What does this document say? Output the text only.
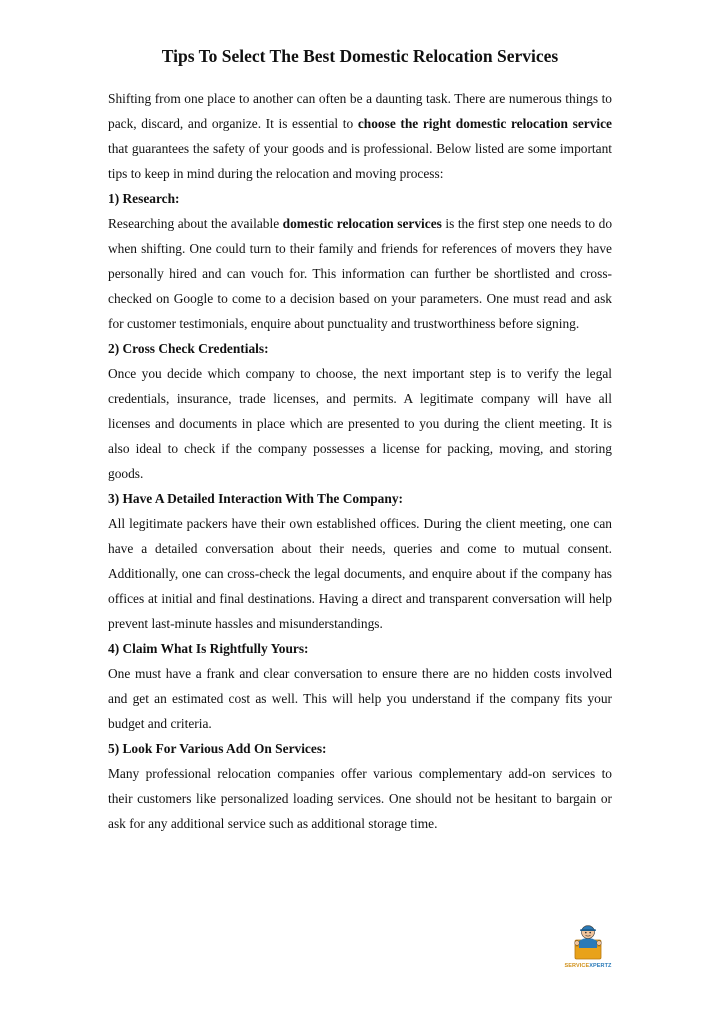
Tips To Select The Best Domestic Relocation Services

Shifting from one place to another can often be a daunting task. There are numerous things to pack, discard, and organize. It is essential to choose the right domestic relocation service that guarantees the safety of your goods and is professional. Below listed are some important tips to keep in mind during the relocation and moving process:

1) Research:

Researching about the available domestic relocation services is the first step one needs to do when shifting. One could turn to their family and friends for references of movers they have personally hired and can vouch for. This information can further be shortlisted and cross-checked on Google to come to a decision based on your parameters. One must read and ask for customer testimonials, enquire about punctuality and trustworthiness before signing.

2) Cross Check Credentials:

Once you decide which company to choose, the next important step is to verify the legal credentials, insurance, trade licenses, and permits. A legitimate company will have all licenses and documents in place which are presented to you during the client meeting. It is also ideal to check if the company possesses a license for packing, moving, and storing goods.

3) Have A Detailed Interaction With The Company:

All legitimate packers have their own established offices. During the client meeting, one can have a detailed conversation about their needs, queries and come to mutual consent. Additionally, one can cross-check the legal documents, and enquire about if the company has offices at initial and final destinations. Having a direct and transparent conversation will help prevent last-minute hassles and misunderstandings.

4) Claim What Is Rightfully Yours:

One must have a frank and clear conversation to ensure there are no hidden costs involved and get an estimated cost as well. This will help you understand if the company fits your budget and criteria.

5) Look For Various Add On Services:

Many professional relocation companies offer various complementary add-on services to their customers like personalized loading services. One should not be hesitant to bargain or ask for any additional service such as additional storage time.

SERVICEXPERTZ
